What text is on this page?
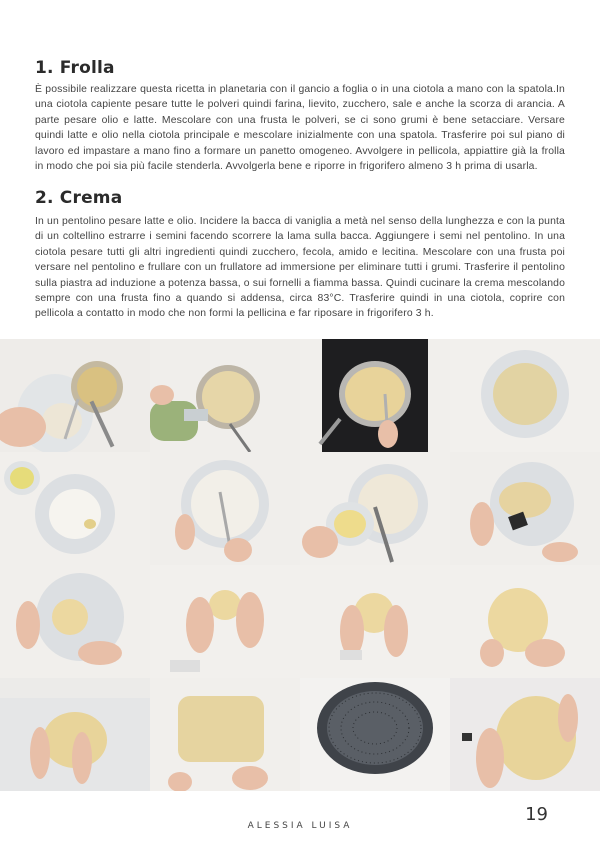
1. Frolla

È possibile realizzare questa ricetta in planetaria con il gancio a foglia o in una ciotola a mano con la spatola.In una ciotola capiente pesare tutte le polveri quindi farina, lievito, zucchero, sale e anche la scorza di arancia. A parte pesare olio e latte. Mescolare con una frusta le polveri, se ci sono grumi è bene setacciare. Versare quindi latte e olio nella ciotola principale e mescolare inizialmente con una spatola. Trasferire poi sul piano di lavoro ed impastare a mano fino a formare un panetto omogeneo. Avvolgere in pellicola, appiattire già la frolla in modo che poi sia più facile stenderla. Avvolgerla bene e riporre in frigorifero almeno 3 h prima di usarla.

2. Crema

In un pentolino pesare latte e olio. Incidere la bacca di vaniglia a metà nel senso della lunghezza e con la punta di un coltellino estrarre i semini facendo scorrere la lama sulla bacca. Aggiungere i semi nel pentolino. In una ciotola pesare tutti gli altri ingredienti quindi zucchero, fecola, amido e lecitina. Mescolare con una frusta poi versare nel pentolino e frullare con un frullatore ad immersione per eliminare tutti i grumi. Trasferire il pentolino sulla piastra ad induzione a potenza bassa, o sui fornelli a fiamma bassa. Quindi cucinare la crema mescolando sempre con una frusta fino a quando si addensa, circa 83°C. Trasferire quindi in una ciotola, coprire con pellicola a contatto in modo che non formi la pellicina e far riposare in frigorifero 3 h.

ALESSIA LUISA
19
